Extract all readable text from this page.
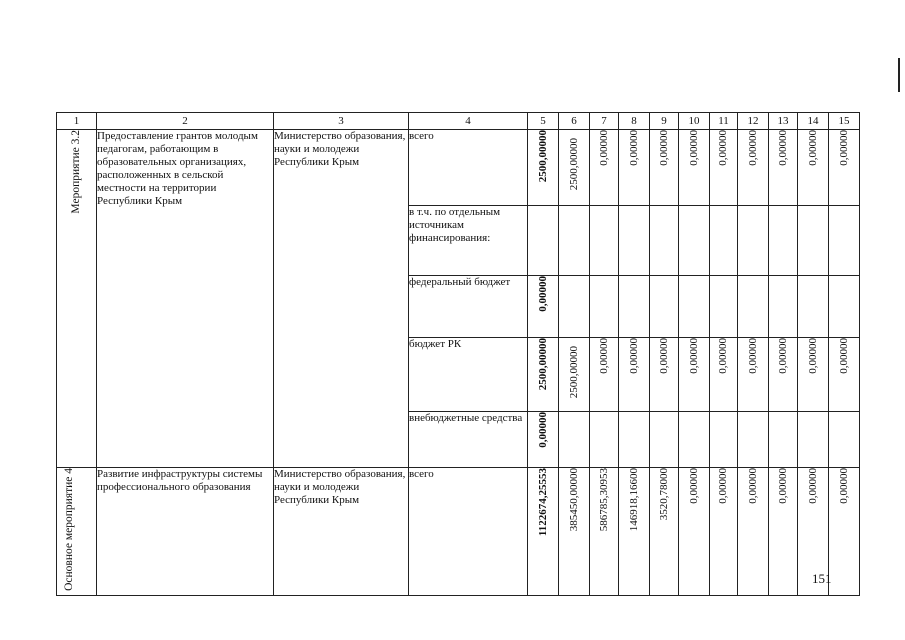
1	2	3	4	5	6	7	8	9	10	11	12	13	14	15
Мероприятие 3.2	Предоставление грантов молодым педагогам, работающим в образовательных организациях, расположенных в сельской местности на территории Республики Крым	Министерство образования, науки и молодежи Республики Крым	всего	2500,00000	2500,00000	0,00000	0,00000	0,00000	0,00000	0,00000	0,00000	0,00000	0,00000	0,00000
			в т.ч. по отдельным источникам финансирования:											
			федеральный бюджет	0,00000										
			бюджет РК	2500,00000	2500,00000	0,00000	0,00000	0,00000	0,00000	0,00000	0,00000	0,00000	0,00000	0,00000
			внебюджетные средства	0,00000										
Основное мероприятие 4	Развитие инфраструктуры системы профессионального образования	Министерство образования, науки и молодежи Республики Крым	всего	1122674,25553	385450,00000	586785,30953	146918,16600	3520,78000	0,00000	0,00000	0,00000	0,00000	0,00000	0,00000
151
